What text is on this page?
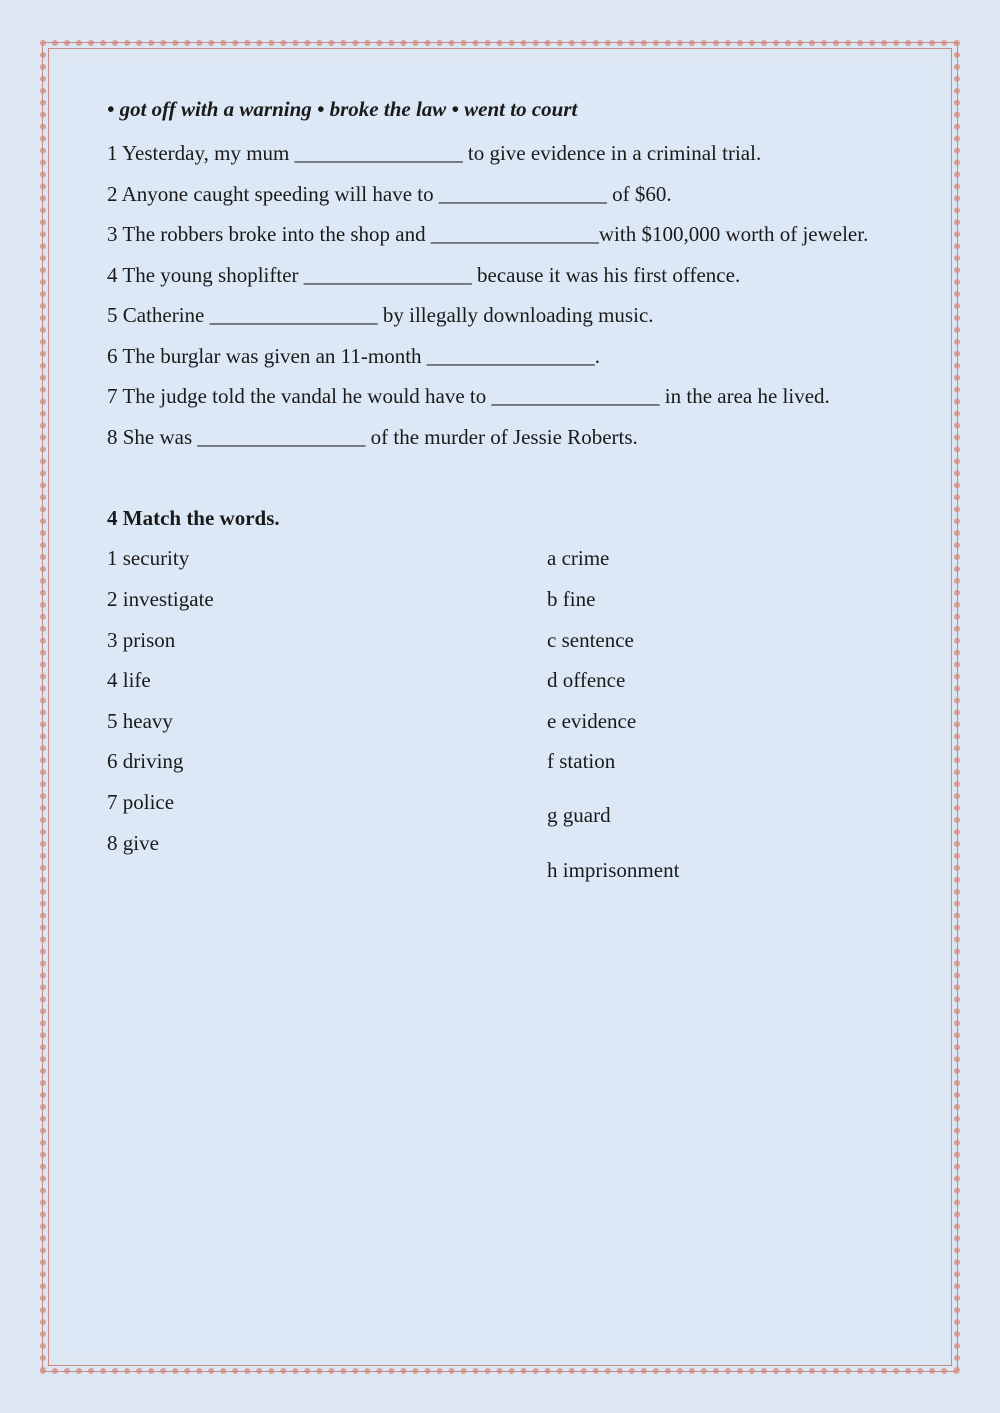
• got off with a warning • broke the law • went to court
1 Yesterday, my mum ________________ to give evidence in a criminal trial.
2 Anyone caught speeding will have to ________________ of $60.
3 The robbers broke into the shop and ________________with $100,000 worth of jeweler.
4 The young shoplifter ________________ because it was his first offence.
5 Catherine ________________ by illegally downloading music.
6 The burglar was given an 11-month ________________.
7 The judge told the vandal he would have to ________________ in the area he lived.
8 She was ________________ of the murder of Jessie Roberts.
4 Match the words.
1 security
2 investigate
3 prison
4 life
5 heavy
6 driving
7 police
8 give
a crime
b fine
c sentence
d offence
e evidence
f station
g guard
h imprisonment
